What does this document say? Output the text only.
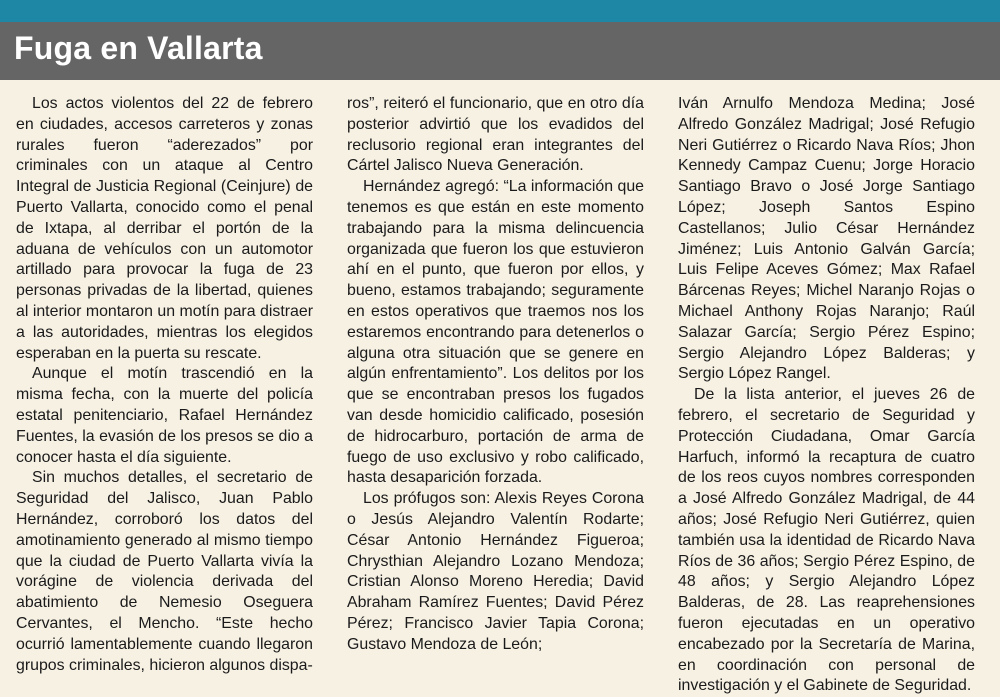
Fuga en Vallarta

Los actos violentos del 22 de febrero en ciudades, accesos carreteros y zonas rurales fueron “aderezados” por criminales con un ataque al Centro Integral de Justicia Regional (Ceinjure) de Puerto Vallarta, conocido como el penal de Ixtapa, al derribar el portón de la aduana de vehículos con un automotor artillado para provocar la fuga de 23 personas privadas de la libertad, quienes al interior montaron un motín para distraer a las autoridades, mientras los elegidos esperaban en la puerta su rescate.

Aunque el motín trascendió en la misma fecha, con la muerte del policía estatal penitenciario, Rafael Hernández Fuentes, la evasión de los presos se dio a conocer hasta el día siguiente.

Sin muchos detalles, el secretario de Seguridad del Jalisco, Juan Pablo Hernández, corroboró los datos del amotinamiento generado al mismo tiempo que la ciudad de Puerto Vallarta vivía la vorágine de violencia derivada del abatimiento de Nemesio Oseguera Cervantes, el Mencho. “Este hecho ocurrió lamentablemente cuando llegaron grupos criminales, hicieron algunos dispa-

ros”, reiteró el funcionario, que en otro día posterior advirtió que los evadidos del reclusorio regional eran integrantes del Cártel Jalisco Nueva Generación.

Hernández agregó: “La información que tenemos es que están en este momento trabajando para la misma delincuencia organizada que fueron los que estuvieron ahí en el punto, que fueron por ellos, y bueno, estamos trabajando; seguramente en estos operativos que traemos nos los estaremos encontrando para detenerlos o alguna otra situación que se genere en algún enfrentamiento”. Los delitos por los que se encontraban presos los fugados van desde homicidio calificado, posesión de hidrocarburo, portación de arma de fuego de uso exclusivo y robo calificado, hasta desaparición forzada.

Los prófugos son: Alexis Reyes Corona o Jesús Alejandro Valentín Rodarte; César Antonio Hernández Figueroa; Chrysthian Alejandro Lozano Mendoza; Cristian Alonso Moreno Heredia; David Abraham Ramírez Fuentes; David Pérez Pérez; Francisco Javier Tapia Corona; Gustavo Mendoza de León;

Iván Arnulfo Mendoza Medina; José Alfredo González Madrigal; José Refugio Neri Gutiérrez o Ricardo Nava Ríos; Jhon Kennedy Campaz Cuenu; Jorge Horacio Santiago Bravo o José Jorge Santiago López; Joseph Santos Espino Castellanos; Julio César Hernández Jiménez; Luis Antonio Galván García; Luis Felipe Aceves Gómez; Max Rafael Bárcenas Reyes; Michel Naranjo Rojas o Michael Anthony Rojas Naranjo; Raúl Salazar García; Sergio Pérez Espino; Sergio Alejandro López Balderas; y Sergio López Rangel.

De la lista anterior, el jueves 26 de febrero, el secretario de Seguridad y Protección Ciudadana, Omar García Harfuch, informó la recaptura de cuatro de los reos cuyos nombres corresponden a José Alfredo González Madrigal, de 44 años; José Refugio Neri Gutiérrez, quien también usa la identidad de Ricardo Nava Ríos de 36 años; Sergio Pérez Espino, de 48 años; y Sergio Alejandro López Balderas, de 28. Las reaprehensiones fueron ejecutadas en un operativo encabezado por la Secretaría de Marina, en coordinación con personal de investigación y el Gabinete de Seguridad.
